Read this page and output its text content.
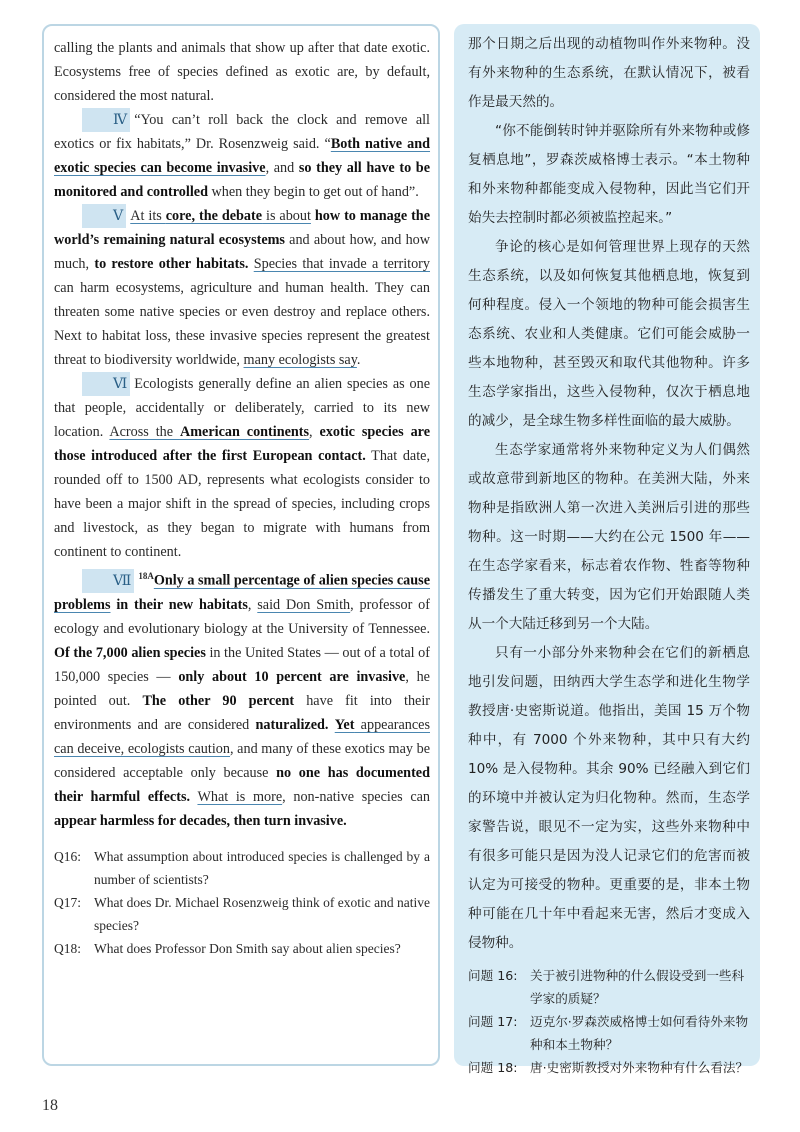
calling the plants and animals that show up after that date exotic. Ecosystems free of species defined as exotic are, by default, considered the most natural.

Ⅳ “You can’t roll back the clock and remove all exotics or fix habitats,” Dr. Rosenzweig said. “Both native and exotic species can become invasive, and so they all have to be monitored and controlled when they begin to get out of hand”.

Ⅴ At its core, the debate is about how to manage the world’s remaining natural ecosystems and about how, and how much, to restore other habitats. Species that invade a territory can harm ecosystems, agriculture and human health. They can threaten some native species or even destroy and replace others. Next to habitat loss, these invasive species represent the greatest threat to biodiversity worldwide, many ecologists say.

Ⅵ Ecologists generally define an alien species as one that people, accidentally or deliberately, carried to its new location. Across the American continents, exotic species are those introduced after the first European contact. That date, rounded off to 1500 AD, represents what ecologists consider to have been a major shift in the spread of species, including crops and livestock, as they began to migrate with humans from continent to continent.

Ⅶ $^{18A}$Only a small percentage of alien species cause problems in their new habitats, said Don Smith, professor of ecology and evolutionary biology at the University of Tennessee. Of the 7,000 alien species in the United States — out of a total of 150,000 species — only about 10 percent are invasive, he pointed out. The other 90 percent have fit into their environments and are considered naturalized. Yet appearances can deceive, ecologists caution, and many of these exotics may be considered acceptable only because no one has documented their harmful effects. What is more, non-native species can appear harmless for decades, then turn invasive.

Q16: What assumption about introduced species is challenged by a number of scientists?
Q17: What does Dr. Michael Rosenzweig think of exotic and native species?
Q18: What does Professor Don Smith say about alien species?

那个日期之后出现的动植物叫作外来物种。没有外来物种的生态系统，在默认情况下，被看作是最天然的。

“你不能倒转时钟并驱除所有外来物种或修复栖息地”，罗森茨威格博士表示。“本土物种和外来物种都能变成入侵物种，因此当它们开始失去控制时都必须被监控起来。”

争论的核心是如何管理世界上现存的天然生态系统，以及如何恢复其他栖息地，恢复到何种程度。侵入一个领地的物种可能会损害生态系统、农业和人类健康。它们可能会威胁一些本地物种，甚至毁灭和取代其他物种。许多生态学家指出，这些入侵物种，仅次于栖息地的减少，是全球生物多样性面临的最大威胁。

生态学家通常将外来物种定义为人们偶然或故意带到新地区的物种。在美洲大陆，外来物种是指欧洲人第一次进入美洲后引进的那些物种。这一时期——大约在公元 1500 年——在生态学家看来，标志着农作物、牲畜等物种传播发生了重大转变，因为它们开始跟随人类从一个大陆迁移到另一个大陆。

只有一小部分外来物种会在它们的新栖息地引发问题，田纳西大学生态学和进化生物学教授唐·史密斯说道。他指出，美国 15 万个物种中，有 7000 个外来物种，其中只有大约 10% 是入侵物种。其余 90% 已经融入到它们的环境中并被认定为归化物种。然而，生态学家警告说，眼见不一定为实，这些外来物种中有很多可能只是因为没人记录它们的危害而被认定为可接受的物种。更重要的是，非本土物种可能在几十年中看起来无害，然后才变成入侵物种。

问题 16: 关于被引进物种的什么假设受到一些科学家的质疑？
问题 17: 迈克尔·罗森茨威格博士如何看待外来物种和本土物种？
问题 18: 唐·史密斯教授对外来物种有什么看法？
18
